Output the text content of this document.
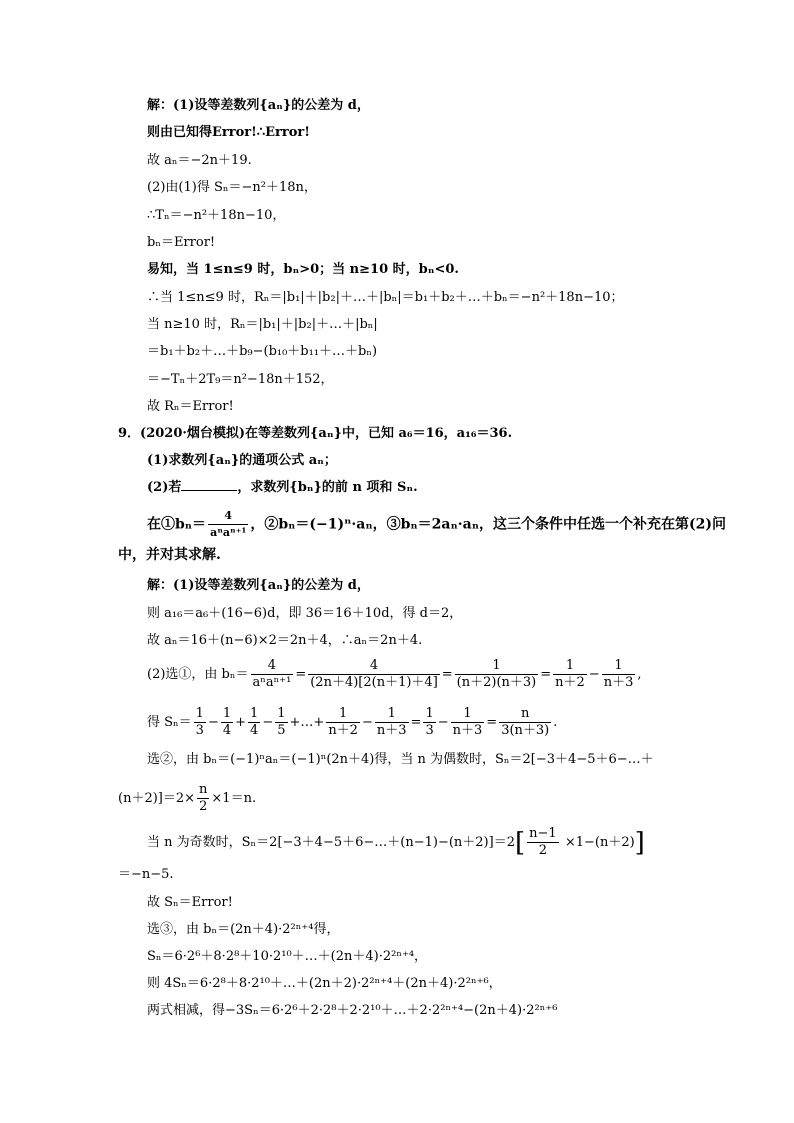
解：(1)设等差数列{aₙ}的公差为 d，
则由已知得Error!∴Error!
故 aₙ＝−2n＋19.
(2)由(1)得 Sₙ＝−n²＋18n，
∴Tₙ＝−n²＋18n−10，
bₙ＝Error!
易知，当 1≤n≤9 时，bₙ>0；当 n≥10 时，bₙ<0.
∴当 1≤n≤9 时，Rₙ＝|b₁|＋|b₂|＋…＋|bₙ|＝b₁＋b₂＋…＋bₙ＝−n²＋18n−10；
当 n≥10 时，Rₙ＝|b₁|＋|b₂|＋…＋|bₙ|
＝b₁＋b₂＋…＋b₉−(b₁₀＋b₁₁＋…＋bₙ)
＝−Tₙ＋2T₉＝n²−18n＋152，
故 Rₙ＝Error!
9．(2020·烟台模拟)在等差数列{aₙ}中，已知 a₆＝16，a₁₆＝36.
(1)求数列{aₙ}的通项公式 aₙ；
(2)若	，求数列{bₙ}的前 n 项和 Sₙ.
在①bₙ＝ $\frac{4}{\text{aⁿaⁿ⁺¹}}$ ，②bₙ＝(−1)ⁿ·aₙ，③bₙ＝2aₙ·aₙ，这三个条件中任选一个补充在第(2)问
中，并对其求解.
解：(1)设等差数列{aₙ}的公差为 d，
则 a₁₆＝a₆＋(16−6)d，即 36＝16＋10d，得 d＝2，
故 aₙ＝16＋(n−6)×2＝2n＋4，∴aₙ＝2n＋4.
(2)选①，由 $b_n= \frac{4}{\text{aⁿaⁿ⁺¹}} = \frac{4}{(2n+4)[2(n+1)+4]} = \frac{1}{(n+2)(n+3)} = \frac{1}{n+2} - \frac{1}{n+3}$ ,
得 $S_n= \frac{1}{3} - \frac{1}{4} + \frac{1}{4} - \frac{1}{5}$ +…+ $\frac{1}{n+2} - \frac{1}{n+3} = \frac{1}{3} - \frac{1}{n+3} = \frac{n}{3(n+3)}$ .
选②，由 bₙ＝(−1)ⁿaₙ＝(−1)ⁿ(2n＋4)得，当 n 为偶数时，Sₙ＝2[−3＋4−5＋6−…＋
$(n+2)]=2\times \frac{n}{2} \times 1=n$.
当 n 为奇数时，Sₙ＝2[−3＋4−5＋6−…＋(n−1)−(n＋2)]＝2[ $\frac{n-1}{2} \times 1-(n+2)$]
＝−n−5.
故 Sₙ＝Error!
选③，由 bₙ＝(2n＋4)·2²ⁿ⁺⁴得，
Sₙ＝6·2⁶＋8·2⁸＋10·2¹⁰＋…＋(2n＋4)·2²ⁿ⁺⁴，
则 4Sₙ＝6·2⁸＋8·2¹⁰＋…＋(2n＋2)·2²ⁿ⁺⁴＋(2n＋4)·2²ⁿ⁺⁶，
两式相减，得−3Sₙ＝6·2⁶＋2·2⁸＋2·2¹⁰＋…＋2·2²ⁿ⁺⁴−(2n＋4)·2²ⁿ⁺⁶
